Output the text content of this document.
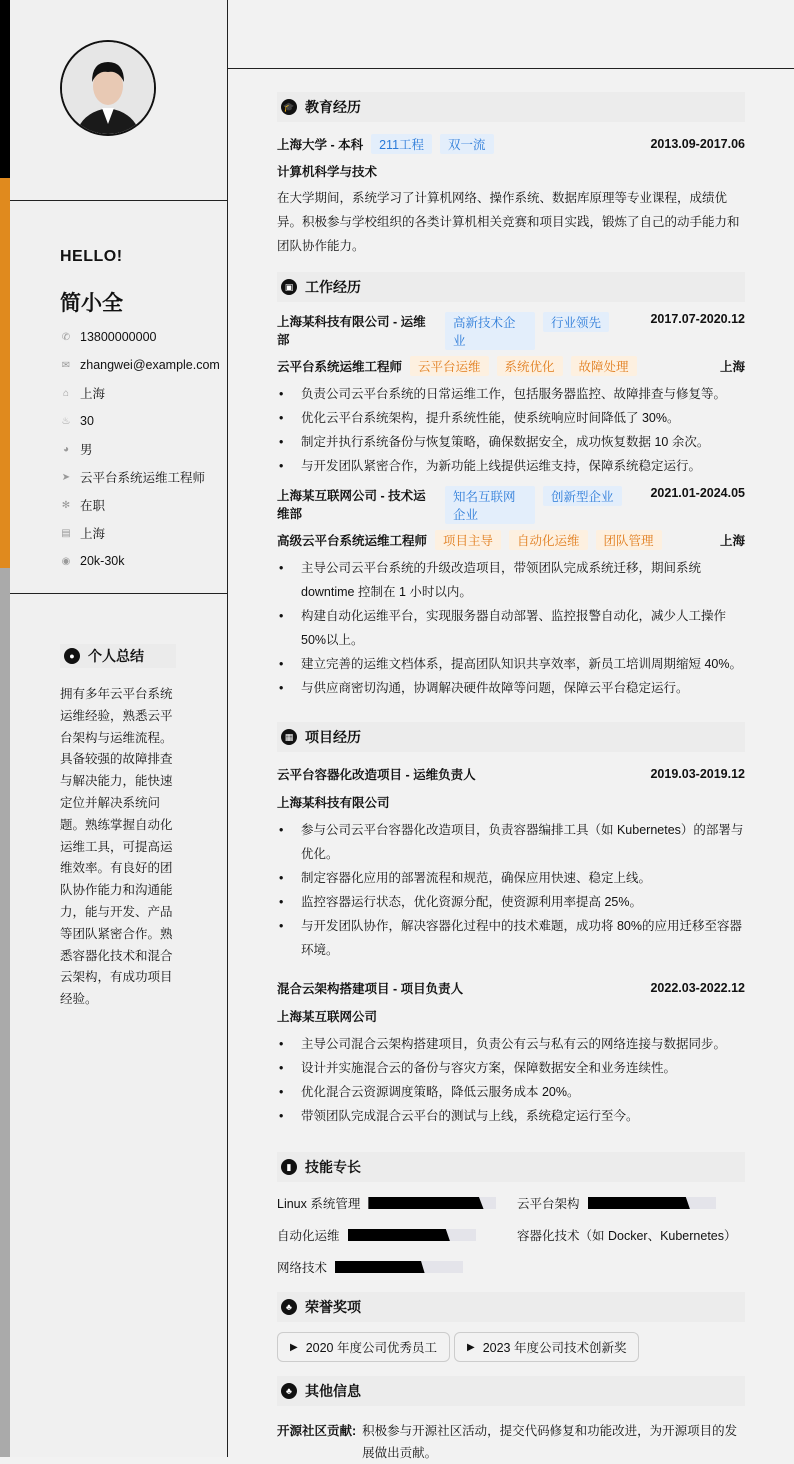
HELLO!
简小全
✆ 13800000000
✉ zhangwei@example.com
⌂ 上海
♨ 30
◕ 男
➤ 云平台系统运维工程师
✻ 在职
▤ 上海
◉ 20k-30k
● 个人总结
拥有多年云平台系统运维经验，熟悉云平台架构与运维流程。具备较强的故障排查与解决能力，能快速定位并解决系统问题。熟练掌握自动化运维工具，可提高运维效率。有良好的团队协作能力和沟通能力，能与开发、产品等团队紧密合作。熟悉容器化技术和混合云架构，有成功项目经验。
🎓 教育经历
上海大学 - 本科	211工程	双一流	2013.09-2017.06
计算机科学与技术
在大学期间，系统学习了计算机网络、操作系统、数据库原理等专业课程，成绩优异。积极参与学校组织的各类计算机相关竞赛和项目实践，锻炼了自己的动手能力和团队协作能力。
▣ 工作经历
上海某科技有限公司 - 运维部
高新技术企业
行业领先	2017.07-2020.12
云平台系统运维工程师	云平台运维	系统优化	故障处理	上海
• 负责公司云平台系统的日常运维工作，包括服务器监控、故障排查与修复等。
• 优化云平台系统架构，提升系统性能，使系统响应时间降低了 30%。
• 制定并执行系统备份与恢复策略，确保数据安全，成功恢复数据 10 余次。
• 与开发团队紧密合作，为新功能上线提供运维支持，保障系统稳定运行。
上海某互联网公司 - 技术运维部
知名互联网企业
创新型企业	2021.01-2024.05
高级云平台系统运维工程师	项目主导	自动化运维	团队管理	上海
• 主导公司云平台系统的升级改造项目，带领团队完成系统迁移，期间系统 downtime 控制在 1 小时以内。
• 构建自动化运维平台，实现服务器自动部署、监控报警自动化，减少人工操作 50%以上。
• 建立完善的运维文档体系，提高团队知识共享效率，新员工培训周期缩短 40%。
• 与供应商密切沟通，协调解决硬件故障等问题，保障云平台稳定运行。
▦ 项目经历
云平台容器化改造项目 - 运维负责人	2019.03-2019.12
上海某科技有限公司
• 参与公司云平台容器化改造项目，负责容器编排工具（如 Kubernetes）的部署与优化。
• 制定容器化应用的部署流程和规范，确保应用快速、稳定上线。
• 监控容器运行状态，优化资源分配，使资源利用率提高 25%。
• 与开发团队协作，解决容器化过程中的技术难题，成功将 80%的应用迁移至容器环境。
混合云架构搭建项目 - 项目负责人	2022.03-2022.12
上海某互联网公司
• 主导公司混合云架构搭建项目，负责公有云与私有云的网络连接与数据同步。
• 设计并实施混合云的备份与容灾方案，保障数据安全和业务连续性。
• 优化混合云资源调度策略，降低云服务成本 20%。
• 带领团队完成混合云平台的测试与上线，系统稳定运行至今。
▮ 技能专长
Linux 系统管理	云平台架构
自动化运维	容器化技术（如 Docker、Kubernetes）
网络技术
♣ 荣誉奖项
▶ 2020 年度公司优秀员工	▶ 2023 年度公司技术创新奖
♣ 其他信息
开源社区贡献: 积极参与开源社区活动，提交代码修复和功能改进，为开源项目的发展做出贡献。
